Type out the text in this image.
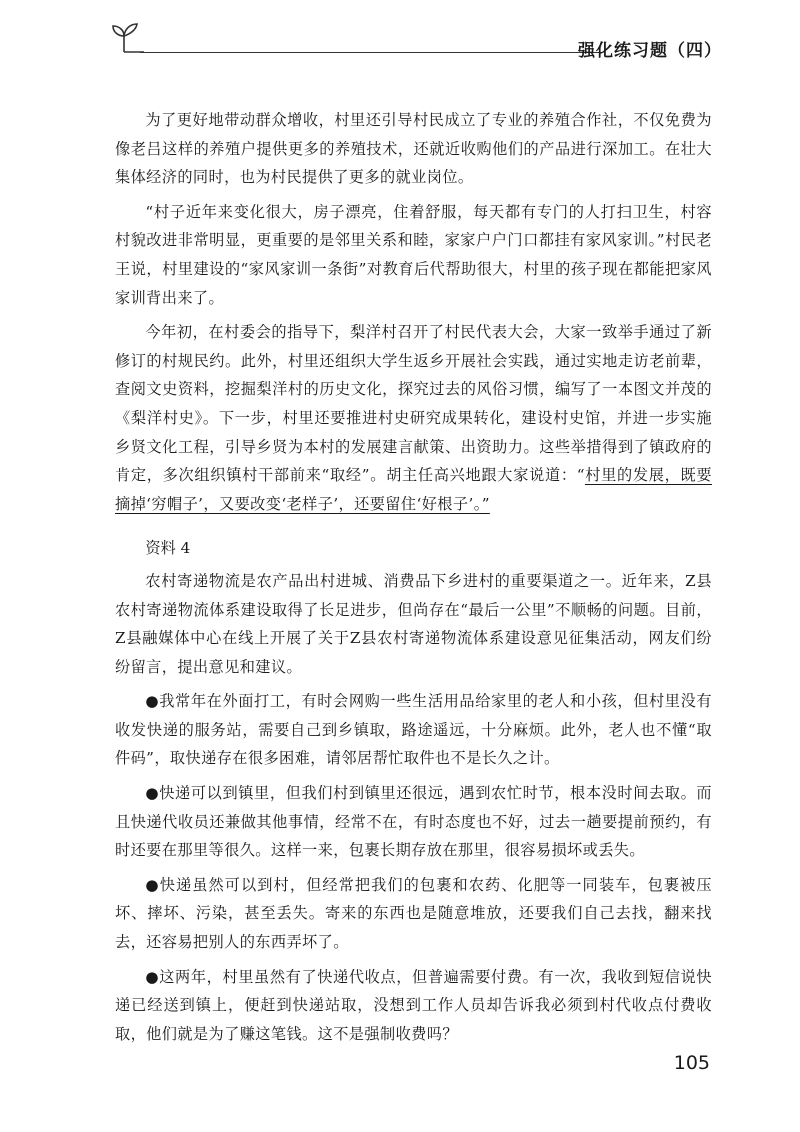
强化练习题（四）

为了更好地带动群众增收，村里还引导村民成立了专业的养殖合作社，不仅免费为像老吕这样的养殖户提供更多的养殖技术，还就近收购他们的产品进行深加工。在壮大集体经济的同时，也为村民提供了更多的就业岗位。

“村子近年来变化很大，房子漂亮，住着舒服，每天都有专门的人打扫卫生，村容村貌改进非常明显，更重要的是邻里关系和睦，家家户户门口都挂有家风家训。”村民老王说，村里建设的“家风家训一条街”对教育后代帮助很大，村里的孩子现在都能把家风家训背出来了。

今年初，在村委会的指导下，梨洋村召开了村民代表大会，大家一致举手通过了新修订的村规民约。此外，村里还组织大学生返乡开展社会实践，通过实地走访老前辈，查阅文史资料，挖掘梨洋村的历史文化，探究过去的风俗习惯，编写了一本图文并茂的《梨洋村史》。下一步，村里还要推进村史研究成果转化，建设村史馆，并进一步实施乡贤文化工程，引导乡贤为本村的发展建言献策、出资助力。这些举措得到了镇政府的肯定，多次组织镇村干部前来“取经”。胡主任高兴地跟大家说道：“村里的发展，既要摘掉‘穷帽子’，又要改变‘老样子’，还要留住‘好根子’。”

资料 4

农村寄递物流是农产品出村进城、消费品下乡进村的重要渠道之一。近年来，Z县农村寄递物流体系建设取得了长足进步，但尚存在“最后一公里”不顺畅的问题。目前，Z县融媒体中心在线上开展了关于Z县农村寄递物流体系建设意见征集活动，网友们纷纷留言，提出意见和建议。

●我常年在外面打工，有时会网购一些生活用品给家里的老人和小孩，但村里没有收发快递的服务站，需要自己到乡镇取，路途遥远，十分麻烦。此外，老人也不懂“取件码”，取快递存在很多困难，请邻居帮忙取件也不是长久之计。

●快递可以到镇里，但我们村到镇里还很远，遇到农忙时节，根本没时间去取。而且快递代收员还兼做其他事情，经常不在，有时态度也不好，过去一趟要提前预约，有时还要在那里等很久。这样一来，包裹长期存放在那里，很容易损坏或丢失。

●快递虽然可以到村，但经常把我们的包裹和农药、化肥等一同装车，包裹被压坏、摔坏、污染，甚至丢失。寄来的东西也是随意堆放，还要我们自己去找，翻来找去，还容易把别人的东西弄坏了。

●这两年，村里虽然有了快递代收点，但普遍需要付费。有一次，我收到短信说快递已经送到镇上，便赶到快递站取，没想到工作人员却告诉我必须到村代收点付费收取，他们就是为了赚这笔钱。这不是强制收费吗？

105
